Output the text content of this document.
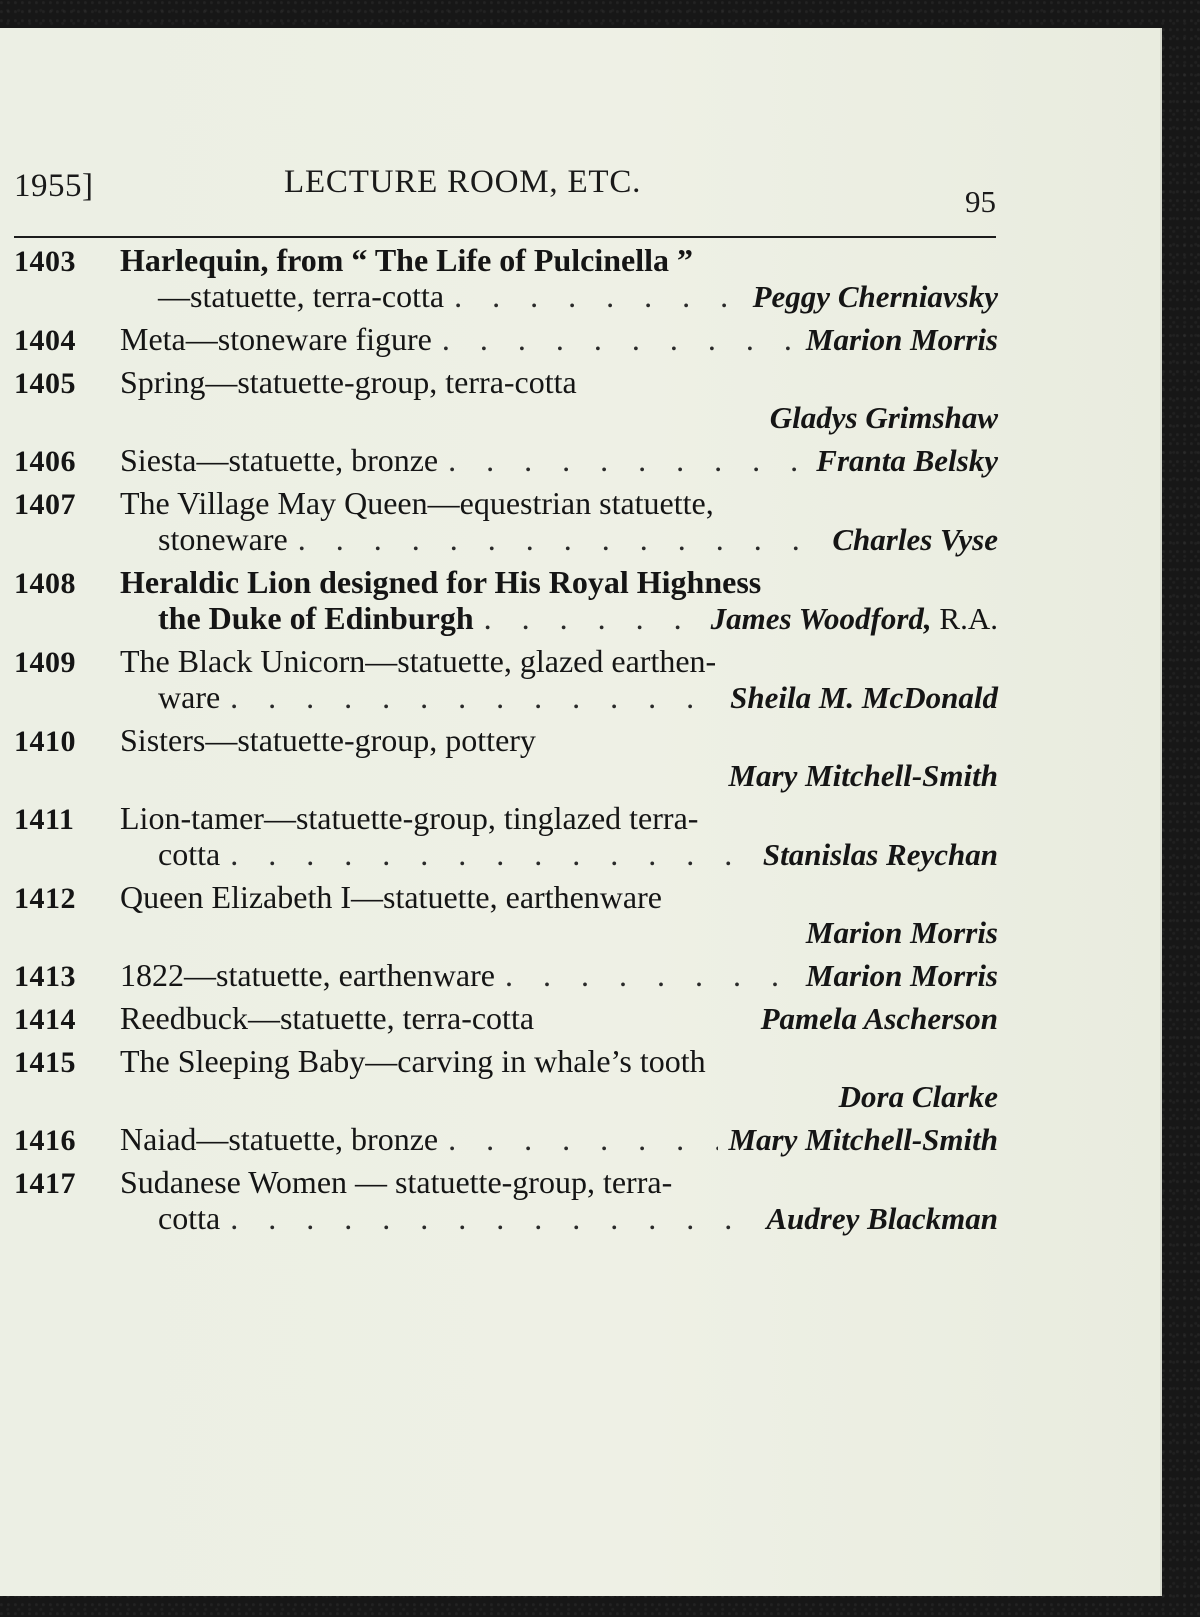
1955]	LECTURE ROOM, ETC.
95
1403 Harlequin, from “ The Life of Pulcinella ”
—statuette, terra-cotta . . .	Peggy Cherniavsky
1404 Meta—stoneware figure . . .	Marion Morris
1405 Spring—statuette-group, terra-cotta
Gladys Grimshaw
1406 Siesta—statuette, bronze . . .	Franta Belsky
1407 The Village May Queen—equestrian statuette,
stoneware . . .	Charles Vyse
1408 Heraldic Lion designed for His Royal Highness
the Duke of Edinburgh . . .	James Woodford, R.A.
1409 The Black Unicorn—statuette, glazed earthen-
ware . . .	Sheila M. McDonald
1410 Sisters—statuette-group, pottery
Mary Mitchell-Smith
1411 Lion-tamer—statuette-group, tinglazed terra-
cotta . . .	Stanislas Reychan
1412 Queen Elizabeth I—statuette, earthenware
Marion Morris
1413 1822—statuette, earthenware . . .	Marion Morris
1414 Reedbuck—statuette, terra-cotta	Pamela Ascherson
1415 The Sleeping Baby—carving in whale’s tooth
Dora Clarke
1416 Naiad—statuette, bronze . . .	Mary Mitchell-Smith
1417 Sudanese Women — statuette-group, terra-
cotta . . .	Audrey Blackman
